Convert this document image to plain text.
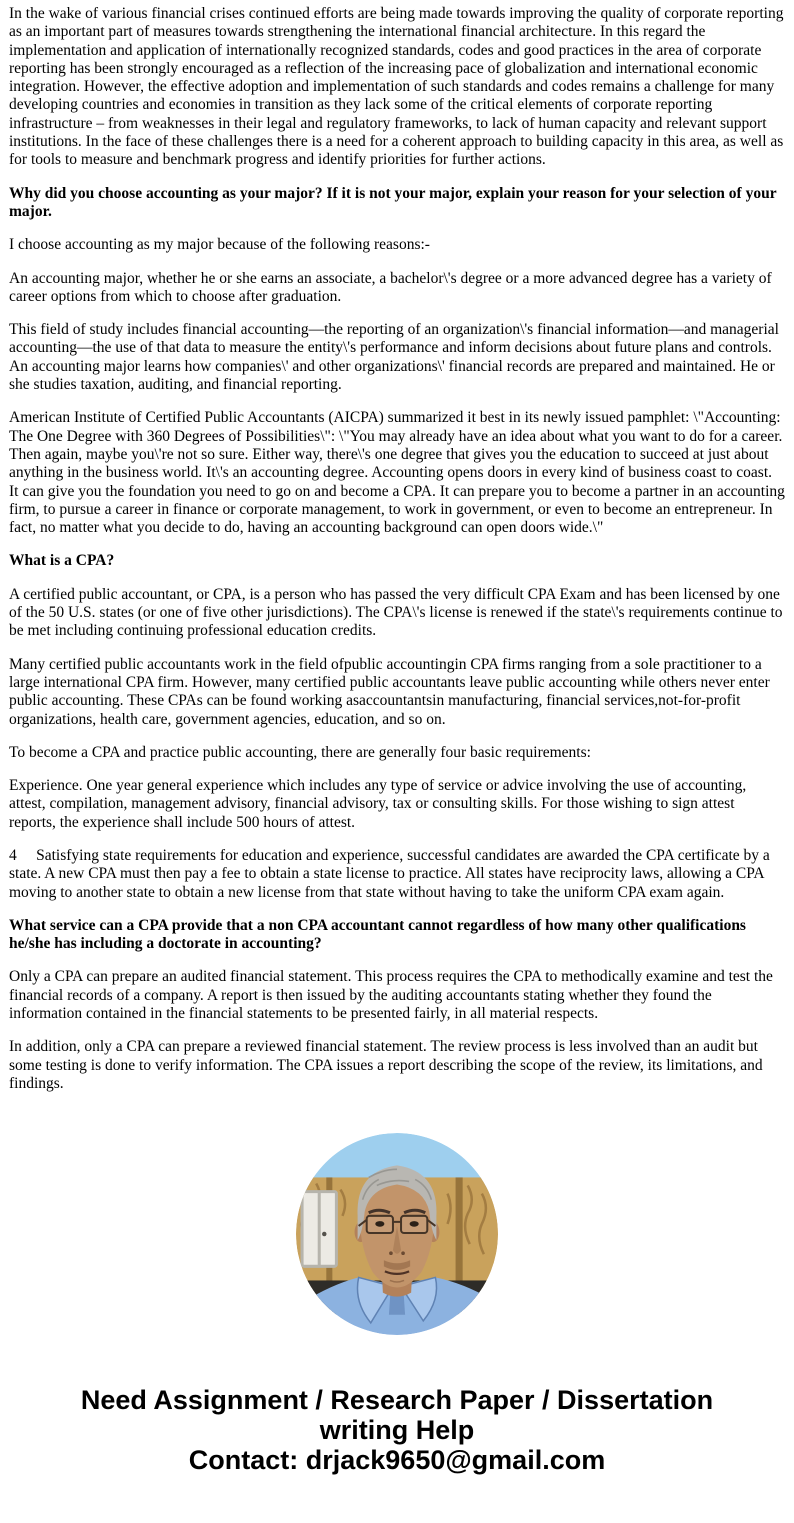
In the wake of various financial crises continued efforts are being made towards improving the quality of corporate reporting as an important part of measures towards strengthening the international financial architecture. In this regard the implementation and application of internationally recognized standards, codes and good practices in the area of corporate reporting has been strongly encouraged as a reflection of the increasing pace of globalization and international economic integration. However, the effective adoption and implementation of such standards and codes remains a challenge for many developing countries and economies in transition as they lack some of the critical elements of corporate reporting infrastructure – from weaknesses in their legal and regulatory frameworks, to lack of human capacity and relevant support institutions. In the face of these challenges there is a need for a coherent approach to building capacity in this area, as well as for tools to measure and benchmark progress and identify priorities for further actions.

Why did you choose accounting as your major? If it is not your major, explain your reason for your selection of your major.

I choose accounting as my major because of the following reasons:-

An accounting major, whether he or she earns an associate, a bachelor\'s degree or a more advanced degree has a variety of career options from which to choose after graduation.

This field of study includes financial accounting—the reporting of an organization\'s financial information—and managerial accounting—the use of that data to measure the entity\'s performance and inform decisions about future plans and controls. An accounting major learns how companies\' and other organizations\' financial records are prepared and maintained. He or she studies taxation, auditing, and financial reporting.

American Institute of Certified Public Accountants (AICPA) summarized it best in its newly issued pamphlet: \"Accounting: The One Degree with 360 Degrees of Possibilities\": \"You may already have an idea about what you want to do for a career. Then again, maybe you\'re not so sure. Either way, there\'s one degree that gives you the education to succeed at just about anything in the business world. It\'s an accounting degree. Accounting opens doors in every kind of business coast to coast. It can give you the foundation you need to go on and become a CPA. It can prepare you to become a partner in an accounting firm, to pursue a career in finance or corporate management, to work in government, or even to become an entrepreneur. In fact, no matter what you decide to do, having an accounting background can open doors wide.\"

What is a CPA?

A certified public accountant, or CPA, is a person who has passed the very difficult CPA Exam and has been licensed by one of the 50 U.S. states (or one of five other jurisdictions). The CPA\'s license is renewed if the state\'s requirements continue to be met including continuing professional education credits.

Many certified public accountants work in the field ofpublic accountingin CPA firms ranging from a sole practitioner to a large international CPA firm. However, many certified public accountants leave public accounting while others never enter public accounting. These CPAs can be found working asaccountantsin manufacturing, financial services,not-for-profit organizations, health care, government agencies, education, and so on.

To become a CPA and practice public accounting, there are generally four basic requirements:

Experience. One year general experience which includes any type of service or advice involving the use of accounting, attest, compilation, management advisory, financial advisory, tax or consulting skills. For those wishing to sign attest reports, the experience shall include 500 hours of attest.

4     Satisfying state requirements for education and experience, successful candidates are awarded the CPA certificate by a state. A new CPA must then pay a fee to obtain a state license to practice. All states have reciprocity laws, allowing a CPA moving to another state to obtain a new license from that state without having to take the uniform CPA exam again.

What service can a CPA provide that a non CPA accountant cannot regardless of how many other qualifications he/she has including a doctorate in accounting?

Only a CPA can prepare an audited financial statement. This process requires the CPA to methodically examine and test the financial records of a company. A report is then issued by the auditing accountants stating whether they found the information contained in the financial statements to be presented fairly, in all material respects.

In addition, only a CPA can prepare a reviewed financial statement. The review process is less involved than an audit but some testing is done to verify information. The CPA issues a report describing the scope of the review, its limitations, and findings.

Need Assignment / Research Paper / Dissertation writing Help
Contact: drjack9650@gmail.com
